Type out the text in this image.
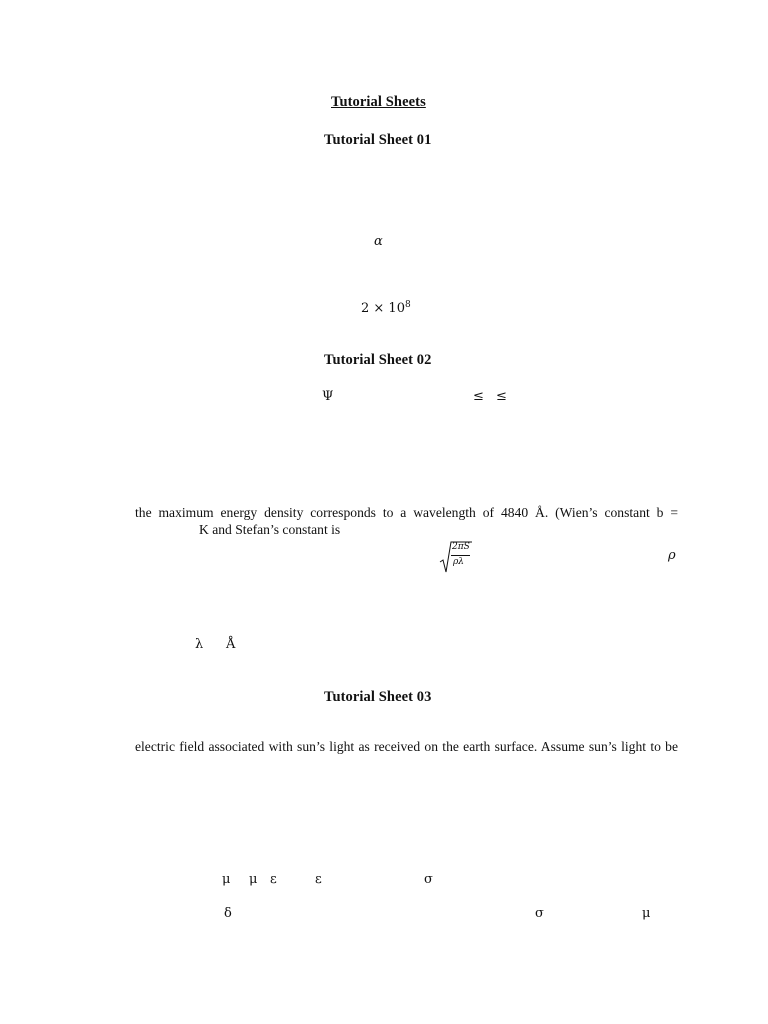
Tutorial Sheets
Tutorial Sheet 01
α
$2 \times 10^8$
Tutorial Sheet 02
Ψ	≤ ≤
the maximum energy density corresponds to a wavelength of 4840 Å. (Wien’s constant b =
K and Stefan’s constant is
2πS
ρλ	ρ
λ Å
Tutorial Sheet 03
electric field associated with sun’s light as received on the earth surface. Assume sun’s light to be
μ μ ε	ε	σ
δ	σ	μ
